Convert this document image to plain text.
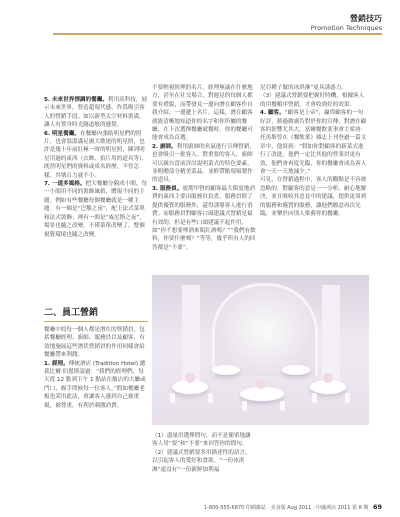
營銷技巧
Promotion Techniques

5. 未來世界情調的餐廳。利用高科技，展示未來世界，營造超現代感，作爲吸引客人的營銷手段。如以新型太空材料裝潢，讓人有置身時光隧道般的感覺。

6. 明星餐廳。在餐廳內張貼明星們的照片，也會溫溫滿足廣大歌迷的明星照，也許是幾十年前紅極一時的明星照，陳列明星用過的東西（衣飾、拍片用的道具等），旣然明星們的資料或成名經歷，不管怎樣，其號召力就不小。

7. 一道多風格。把大餐廳分隔成小間，每一小間用不同的裝飾風格，體現不同的主題。例如有些餐廳每個餐廳就是一種主題：有一個是“巴黎之夜”，配上法式菜單和法式裝飾；裡有一間是“威尼斯之夜”，場景也隨之改變，不僅菜單改變了，整個視覺環境也隨之改變。

二、員工營銷

餐廳中的每一個人都是潛在的營銷員，包括餐廳經理、廚師、服務員以及顧客，有效地施展這些潛伏營銷員的作用同樣會給餐廳帶來利潤。

1. 經理。傳統酒店 (Tradition Hotel) 總裁比爾·伯恩斯說過：“我們的經理們，每天從 12 點到下午 1 點站在飯店的大廳或門口，握手問候每一位客人。”假如餐廳老板也采用此法，會讓客人感到自己被重視，被尊重，有利於刺激消費。

不要輕視經理的名片。經理無論在什麼地方，甚至在社交場合，對週見的每個人都要有禮貌，而帶發見一邊向潛在顧客作自我介紹，一邊遞上名片。這樣，潛在顧客就能清晰地知道你的名字和你所屬的餐廳，在下次選擇餐廳就餐時，你的餐廳可能會成為首選。

2. 廚師。利用廚師的名氣進行宣傳營銷，也會吸引一批客人。對重要的客人，廚師可以親自當前詳討說明菜式的特色要素，並附贈部分精美菜品。並附帶點現場製作的道具。

3. 服務員。放期甲營的顧客最大限度地消費的東西主要由服務員負責，服務員除了提供優質的服務外，還得誘導客人進行消費。而服務員對顧客口頭建議式營銷是最有效的，但是有些口頭建議不起作用，如“你不想要啤酒來瓶紅酒嗎？”“我們有飲料，你要什麼嗎？”等等，幾乎所有人的回答都是“不要”。

（1）盡量用選擇問句，而不是簡單地讓客人用“要”和“不要”來回答你的問句。

（2）建議式營銷要多用描述性的語言，以引起客人的愛好和食欲。“一份冰淇淋”遠沒有“一份新鮮加利福

尼亞種子做的冰淇淋”更具誘惑力。

（3）建議式營銷要把握好時機，根據客人的用餐順序營銷，才會收到好的效果。

4. 顧客。“顧客是上帝”，贏得顧客的一句好評，勝過做廣告對於你的宣傳，對潛在顧客的影響尤其大。富爾餐飲業事會主席唐·托馬斯曾在《餐飲業》雜志上刊登過一篇文章中，他寫到：“假如你對顧客的新菜式進行了改進，他們一定比其他的營業員更有效，他們會再度光臨，你的餐廳會成為客人會一天一天地減少。”

可見，在營銷過程中，客人的觀點是不容被忽略的。對顧客的意見一一分析，耐心地解決，並且吸收其意見中的建議，提供更周到的服務和優質的服務，讓他們願意再次光臨，並樂於向別人推薦你的餐廳。

1-800-555-6870 印刷雜誌 · 美食版 Aug 2011 · 中國酒店 2011 第 8 期 69
